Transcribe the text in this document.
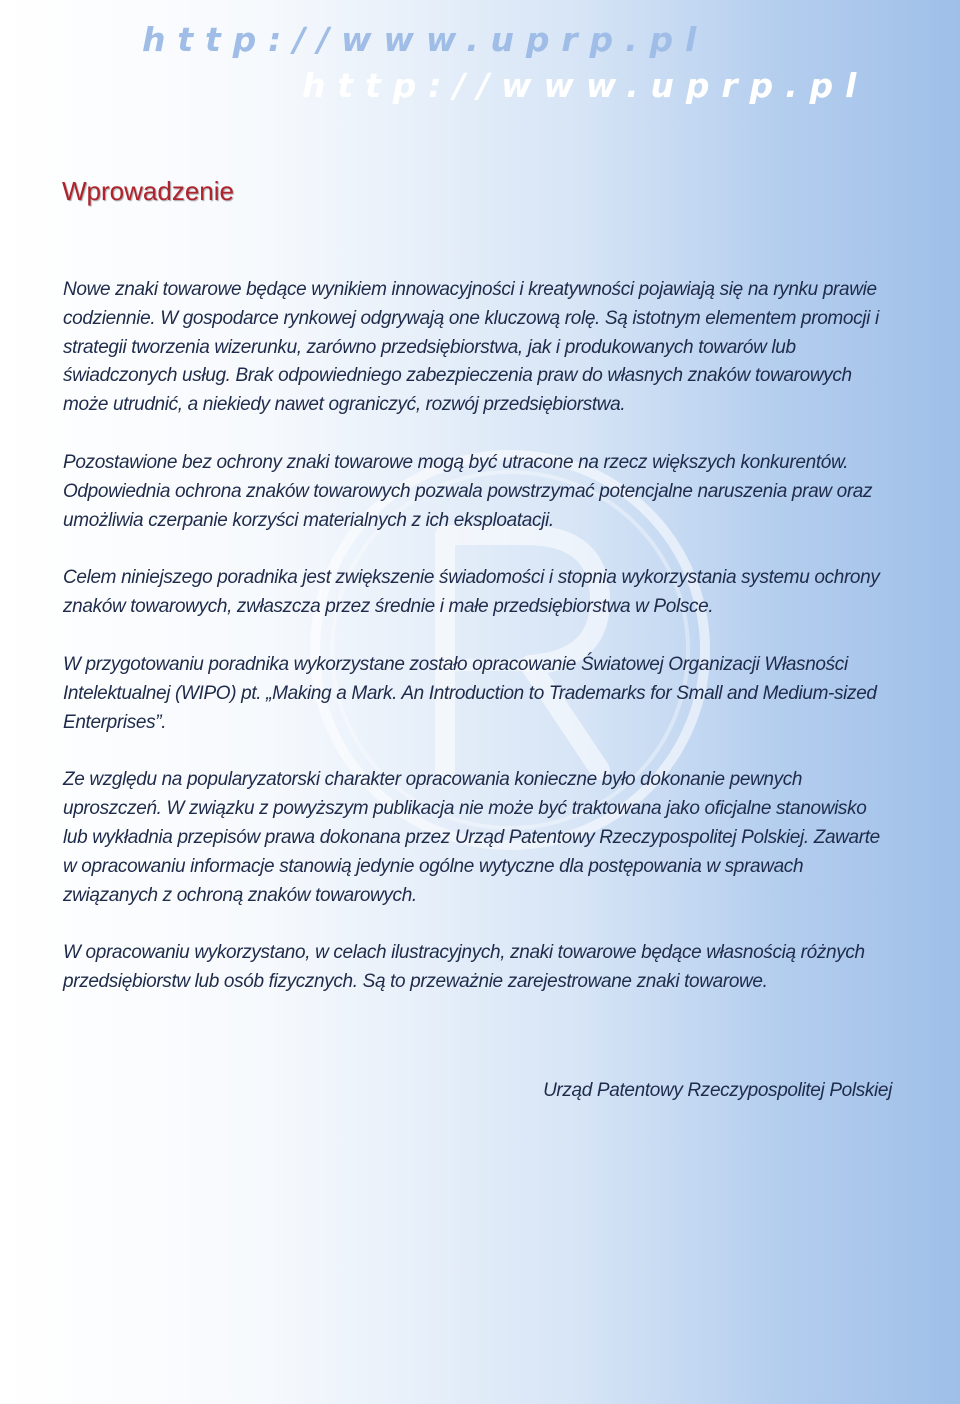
http://www.uprp.pl
http://www.uprp.pl
Wprowadzenie

Nowe znaki towarowe będące wynikiem innowacyjności i kreatywności pojawiają się na rynku prawie codziennie. W gospodarce rynkowej odgrywają one kluczową rolę. Są istotnym elementem promocji i strategii tworzenia wizerunku, zarówno przedsiębiorstwa, jak i produkowanych towarów lub świadczonych usług. Brak odpowiedniego zabezpieczenia praw do własnych znaków towarowych może utrudnić, a niekiedy nawet ograniczyć, rozwój przedsiębiorstwa.

Pozostawione bez ochrony znaki towarowe mogą być utracone na rzecz większych konkurentów. Odpowiednia ochrona znaków towarowych pozwala powstrzymać potencjalne naruszenia praw oraz umożliwia czerpanie korzyści materialnych z ich eksploatacji.

Celem niniejszego poradnika jest zwiększenie świadomości i stopnia wykorzystania systemu ochrony znaków towarowych, zwłaszcza przez średnie i małe przedsiębiorstwa w Polsce.

W przygotowaniu poradnika wykorzystane zostało opracowanie Światowej Organizacji Własności Intelektualnej (WIPO) pt. „Making a Mark. An Introduction to Trademarks for Small and Medium-sized Enterprises”.

Ze względu na popularyzatorski charakter opracowania konieczne było dokonanie pewnych uproszczeń. W związku z powyższym publikacja nie może być traktowana jako oficjalne stanowisko lub wykładnia przepisów prawa dokonana przez Urząd Patentowy Rzeczypospolitej Polskiej. Zawarte w opracowaniu informacje stanowią jedynie ogólne wytyczne dla postępowania w sprawach związanych z ochroną znaków towarowych.

W opracowaniu wykorzystano, w celach ilustracyjnych, znaki towarowe będące własnością różnych przedsiębiorstw lub osób fizycznych. Są to przeważnie zarejestrowane znaki towarowe.

Urząd Patentowy Rzeczypospolitej Polskiej
